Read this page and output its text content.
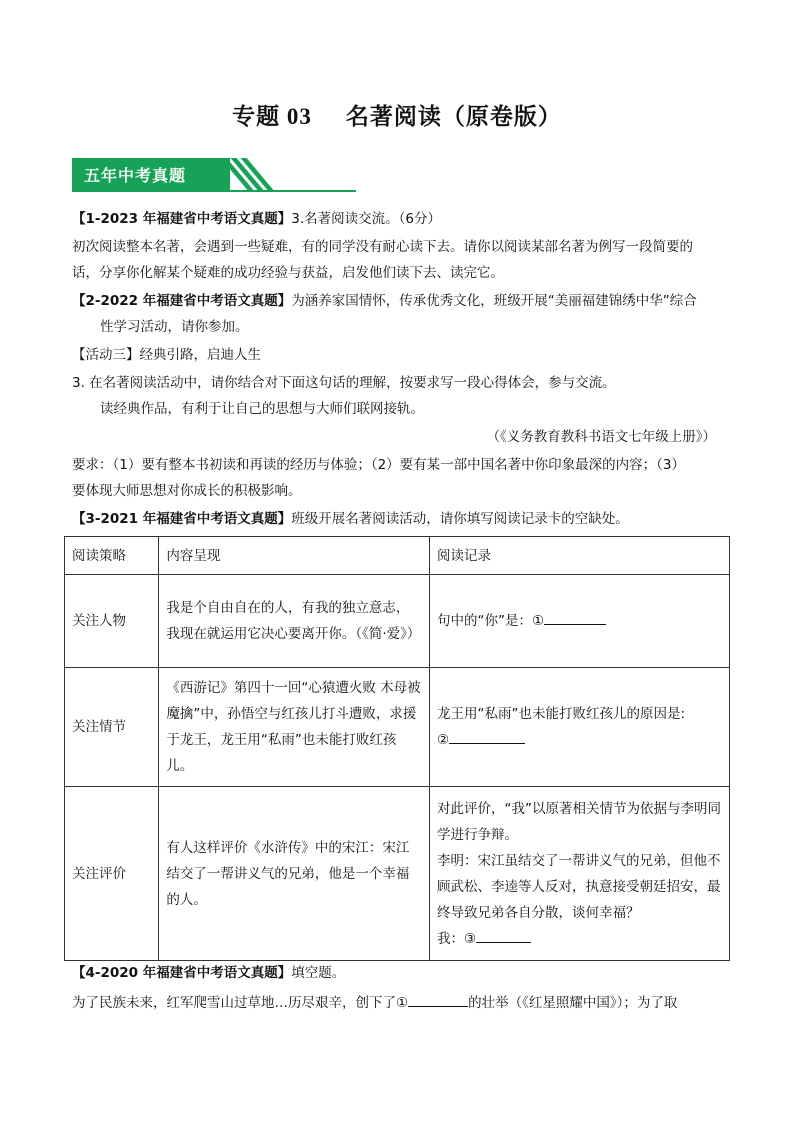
专题 03 名著阅读（原卷版）
五年中考真题
【1-2023 年福建省中考语文真题】3.名著阅读交流。（6分）
初次阅读整本名著，会遇到一些疑难，有的同学没有耐心读下去。请你以阅读某部名著为例写一段简要的
话，分享你化解某个疑难的成功经验与获益，启发他们读下去、读完它。
【2-2022 年福建省中考语文真题】为涵养家国情怀，传承优秀文化，班级开展“美丽福建锦绣中华”综合
性学习活动，请你参加。
【活动三】经典引路，启迪人生
3. 在名著阅读活动中，请你结合对下面这句话的理解，按要求写一段心得体会，参与交流。
读经典作品，有利于让自己的思想与大师们联网接轨。
（《义务教育教科书语文七年级上册》）
要求：（1）要有整本书初读和再读的经历与体验；（2）要有某一部中国名著中你印象最深的内容；（3）
要体现大师思想对你成长的积极影响。
【3-2021 年福建省中考语文真题】班级开展名著阅读活动，请你填写阅读记录卡的空缺处。
阅读策略	内容呈现	阅读记录
关注人物	我是个自由自在的人，有我的独立意志，我现在就运用它决心要离开你。（《简·爱》）	句中的“你”是：①
关注情节	《西游记》第四十一回“心猿遭火败 木母被魔擒”中，孙悟空与红孩儿打斗遭败，求援于龙王，龙王用“私雨”也未能打败红孩儿。	龙王用“私雨”也未能打败红孩儿的原因是:
②

关注评价	有人这样评价《水浒传》中的宋江：宋江结交了一帮讲义气的兄弟，他是一个幸福的人。	对此评价，“我”以原著相关情节为依据与李明同学进行争辩。
李明：宋江虽结交了一帮讲义气的兄弟，但他不顾武松、李逵等人反对，执意接受朝廷招安，最终导致兄弟各自分散，谈何幸福？
我：③
【4-2020 年福建省中考语文真题】填空题。
为了民族未来，红军爬雪山过草地…历尽艰辛，创下了①	的壮举（《红星照耀中国》）；为了取
